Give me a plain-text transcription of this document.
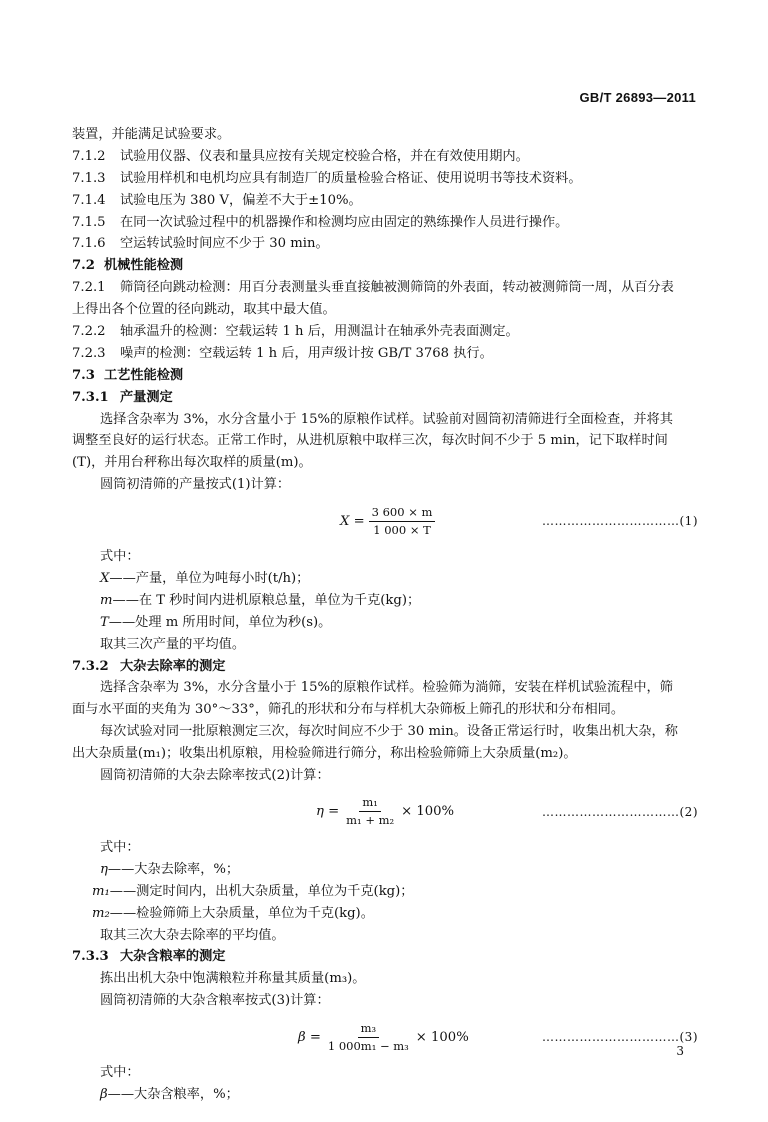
GB/T 26893—2011
装置，并能满足试验要求。
7.1.2 试验用仪器、仪表和量具应按有关规定校验合格，并在有效使用期内。
7.1.3 试验用样机和电机均应具有制造厂的质量检验合格证、使用说明书等技术资料。
7.1.4 试验电压为 380 V，偏差不大于±10%。
7.1.5 在同一次试验过程中的机器操作和检测均应由固定的熟练操作人员进行操作。
7.1.6 空运转试验时间应不少于 30 min。
7.2 机械性能检测
7.2.1 筛筒径向跳动检测：用百分表测量头垂直接触被测筛筒的外表面，转动被测筛筒一周，从百分表
上得出各个位置的径向跳动，取其中最大值。
7.2.2 轴承温升的检测：空载运转 1 h 后，用测温计在轴承外壳表面测定。
7.2.3 噪声的检测：空载运转 1 h 后，用声级计按 GB/T 3768 执行。
7.3 工艺性能检测
7.3.1 产量测定
选择含杂率为 3%，水分含量小于 15%的原粮作试样。试验前对圆筒初清筛进行全面检查，并将其
调整至良好的运行状态。正常工作时，从进机原粮中取样三次，每次时间不少于 5 min，记下取样时间
(T)，并用台秤称出每次取样的质量(m)。
圆筒初清筛的产量按式(1)计算：
$X = \frac{3 600 \times m}{1 000 \times T}$	……………………………(1)
式中：
X——产量，单位为吨每小时(t/h)；
m——在 T 秒时间内进机原粮总量，单位为千克(kg)；
T——处理 m 所用时间，单位为秒(s)。
取其三次产量的平均值。
7.3.2 大杂去除率的测定
选择含杂率为 3%，水分含量小于 15%的原粮作试样。检验筛为淌筛，安装在样机试验流程中，筛
面与水平面的夹角为 30°～33°，筛孔的形状和分布与样机大杂筛板上筛孔的形状和分布相同。
每次试验对同一批原粮测定三次，每次时间应不少于 30 min。设备正常运行时，收集出机大杂，称
出大杂质量(m₁)；收集出机原粮，用检验筛进行筛分，称出检验筛筛上大杂质量(m₂)。
圆筒初清筛的大杂去除率按式(2)计算：
$\eta = \frac{\text{m₁}}{\text{m₁ + m₂}} \times 100\%$	……………………………(2)
式中：
η——大杂去除率，%；
m₁——测定时间内，出机大杂质量，单位为千克(kg)；
m₂——检验筛筛上大杂质量，单位为千克(kg)。
取其三次大杂去除率的平均值。
7.3.3 大杂含粮率的测定
拣出出机大杂中饱满粮粒并称量其质量(m₃)。
圆筒初清筛的大杂含粮率按式(3)计算：
$\beta = \frac{\text{m₃}}{\text{1 000m₁ − m₃}} \times 100\%$	……………………………(3)
式中：
β——大杂含粮率，%；
3
